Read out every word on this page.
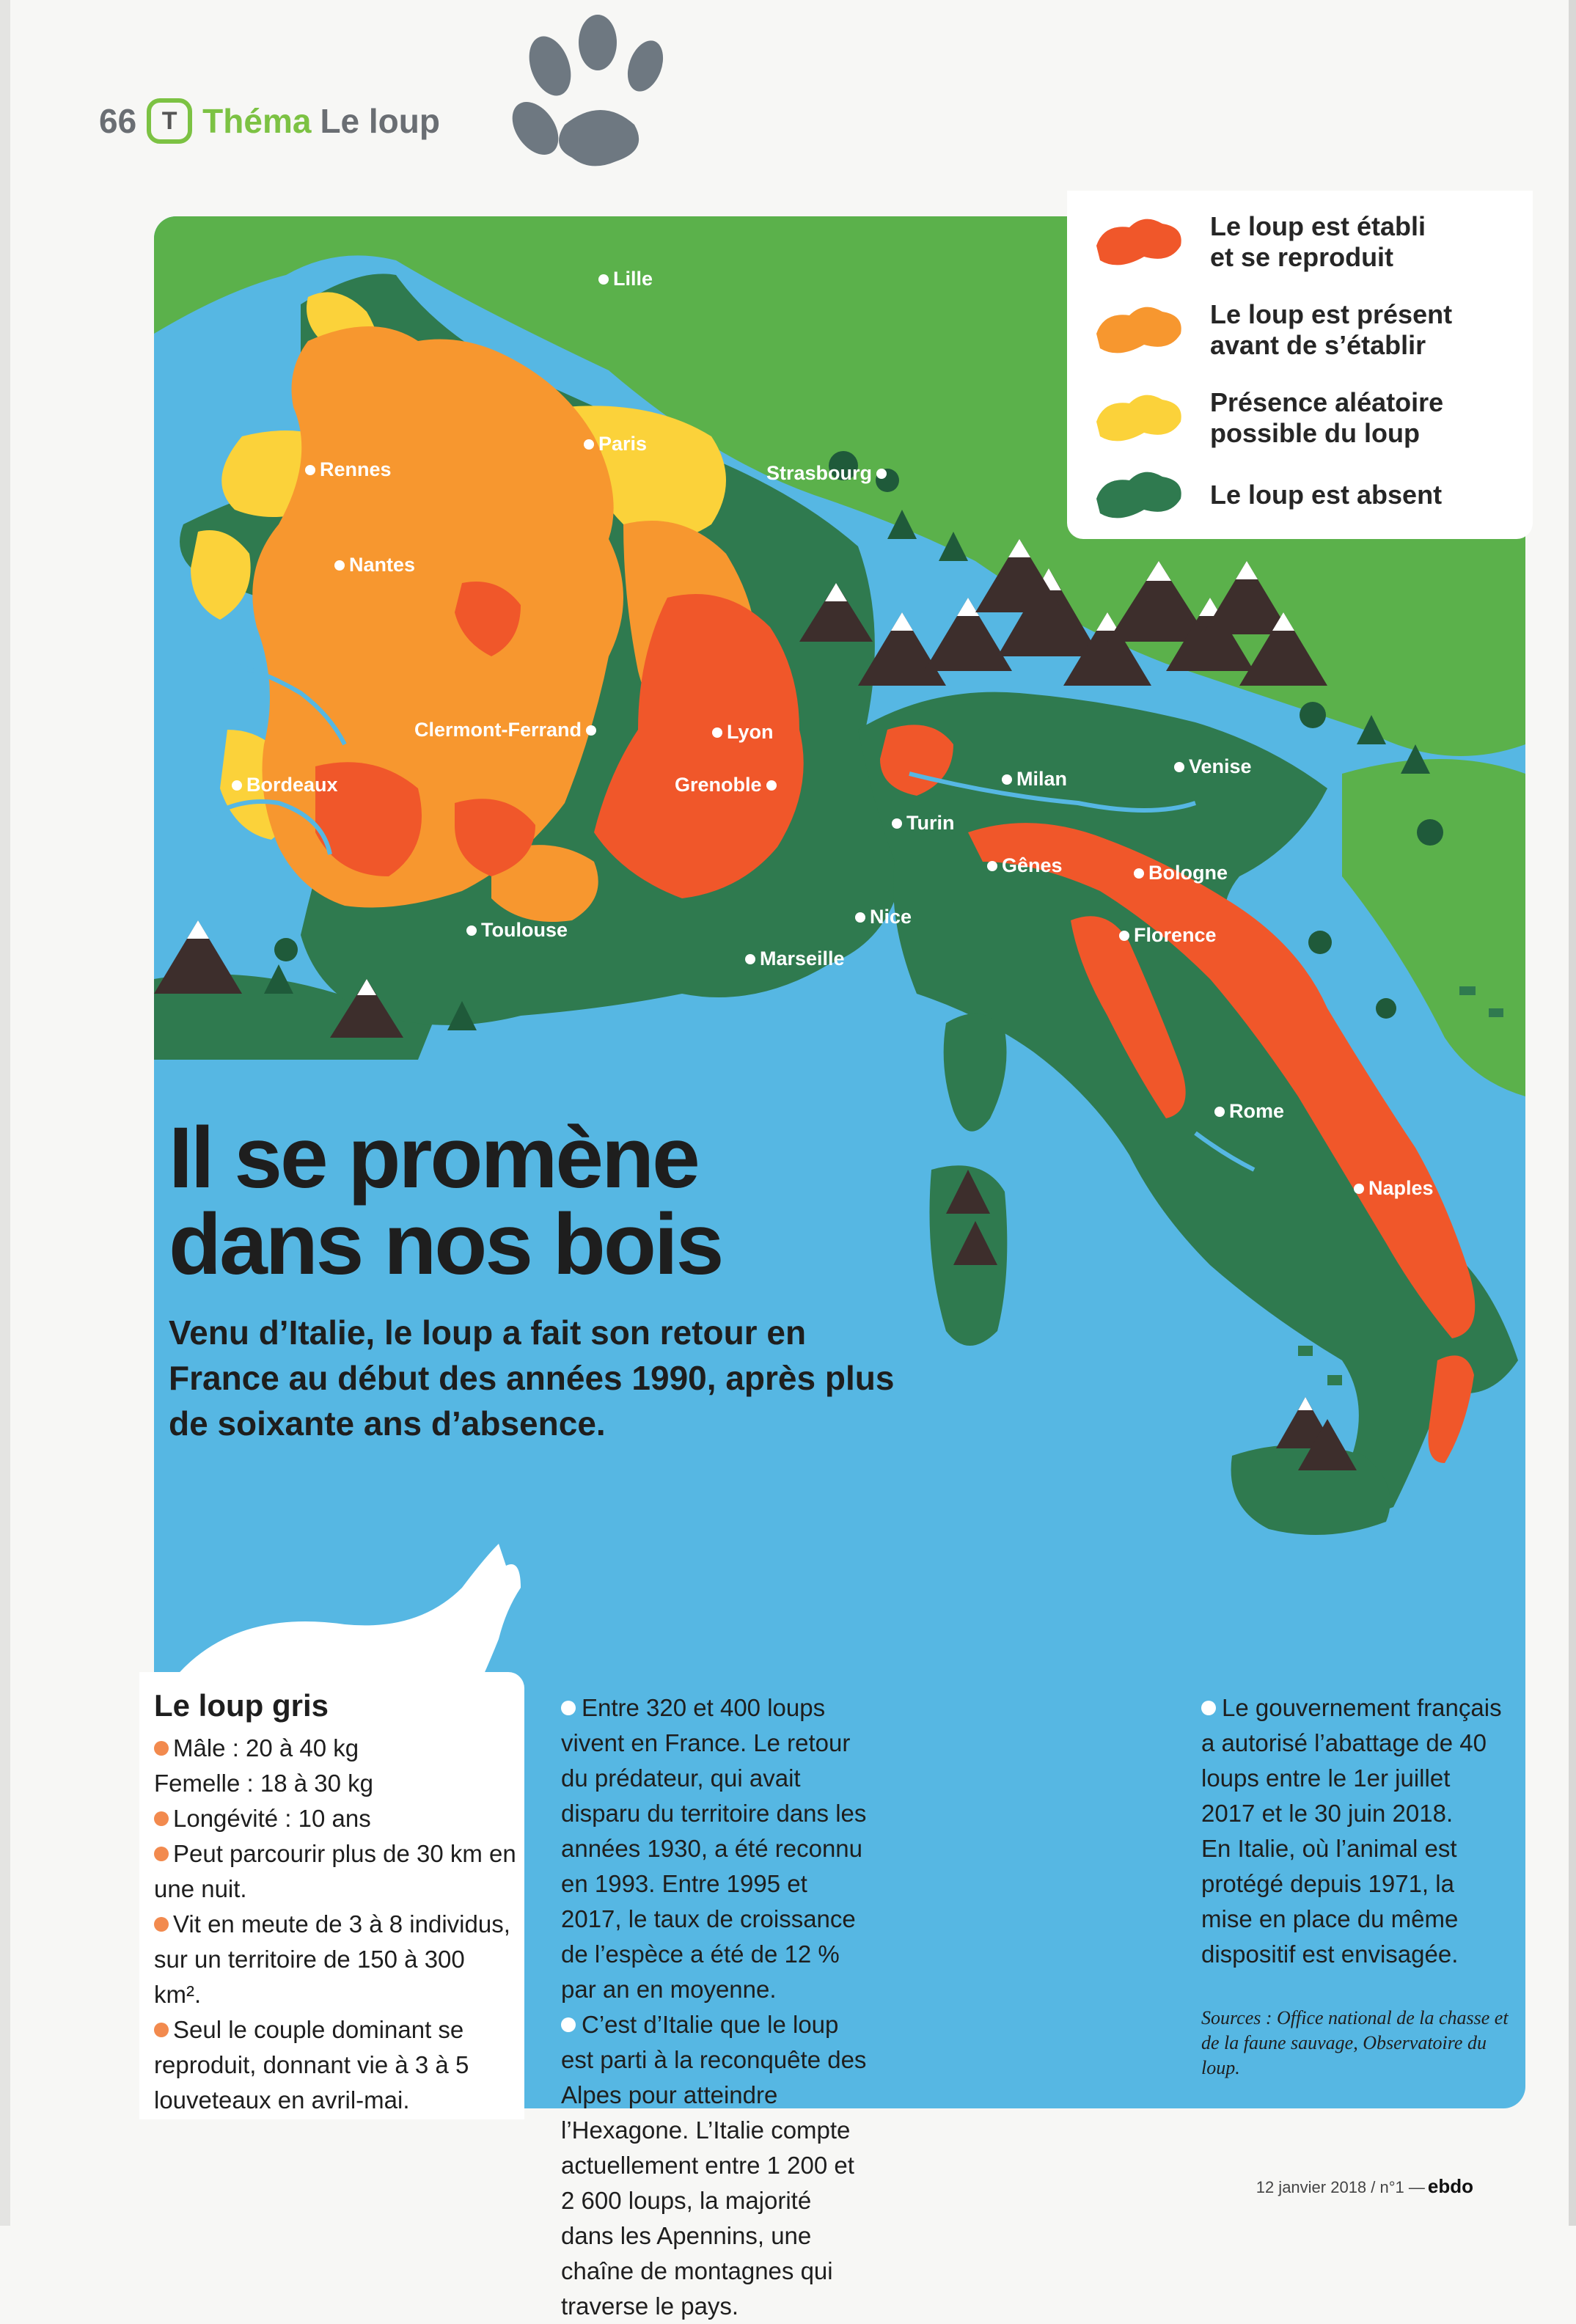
66	T Théma Le loup
Lille
Rennes
Paris
Strasbourg
Nantes
Clermont-Ferrand	Lyon
Bordeaux	Grenoble	Milan
Venise
Turin
Gênes	Bologne
Toulouse
Nice
Marseille
Florence
Rome
Naples
Le loup est établi
et se reproduit
Le loup est présent
avant de s’établir
Présence aléatoire
possible du loup
Le loup est absent
Il se promène
dans nos bois
Venu d’Italie, le loup a fait son retour en France au début des années 1990, après plus de soixante ans d’absence.
Le loup gris
Mâle : 20 à 40 kg
Femelle : 18 à 30 kg
Longévité : 10 ans
Peut parcourir plus de 30 km en une nuit.
Vit en meute de 3 à 8 individus, sur un territoire de 150 à 300 km².
Seul le couple dominant se reproduit, donnant vie à 3 à 5 louveteaux en avril-mai.

Entre 320 et 400 loups vivent en France. Le retour du prédateur, qui avait disparu du territoire dans les années 1930, a été reconnu en 1993. Entre 1995 et 2017, le taux de croissance de l’espèce a été de 12 % par an en moyenne.

C’est d’Italie que le loup est parti à la reconquête des Alpes pour atteindre l’Hexagone. L’Italie compte actuellement entre 1 200 et 2 600 loups, la majorité dans les Apennins, une chaîne de montagnes qui traverse le pays.

Le gouvernement français a autorisé l’abattage de 40 loups entre le 1er juillet 2017 et le 30 juin 2018.

En Italie, où l’animal est protégé depuis 1971, la mise en place du même dispositif est envisagée.

Sources : Office national de la chasse et de la faune sauvage, Observatoire du loup.
12 janvier 2018 / n°1 — ebdo
